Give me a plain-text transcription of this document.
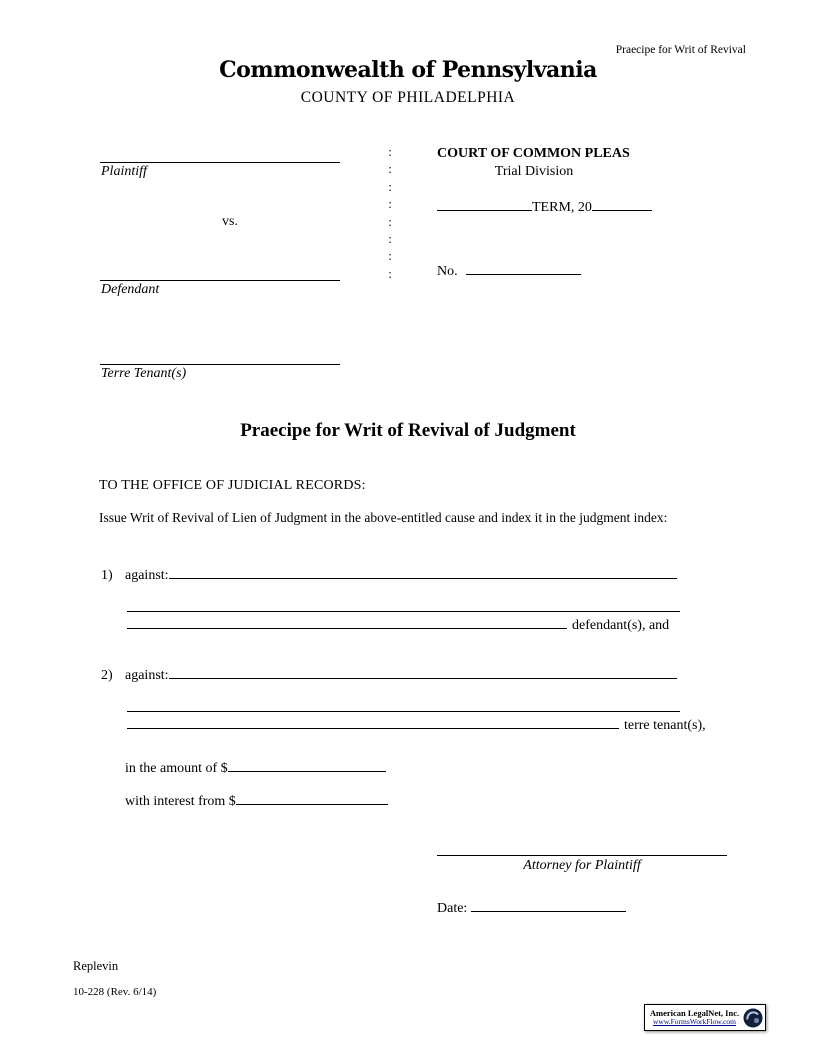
Praecipe for Writ of Revival
Commonwealth of Pennsylvania
COUNTY OF PHILADELPHIA
Plaintiff
vs.
Defendant
:
:
:
:
:
:
:
:
COURT OF COMMON PLEAS
Trial Division
TERM, 20
No.
Terre Tenant(s)
Praecipe for Writ of Revival of Judgment
TO THE OFFICE OF JUDICIAL RECORDS:
Issue Writ of Revival of Lien of Judgment in the above-entitled cause and index it in the judgment index:
1) against:
defendant(s), and
2) against:
terre tenant(s),
in the amount of $
with interest from $
Attorney for Plaintiff
Date:
Replevin
10-228 (Rev. 6/14)
American LegalNet, Inc.
www.FormsWorkFlow.com
